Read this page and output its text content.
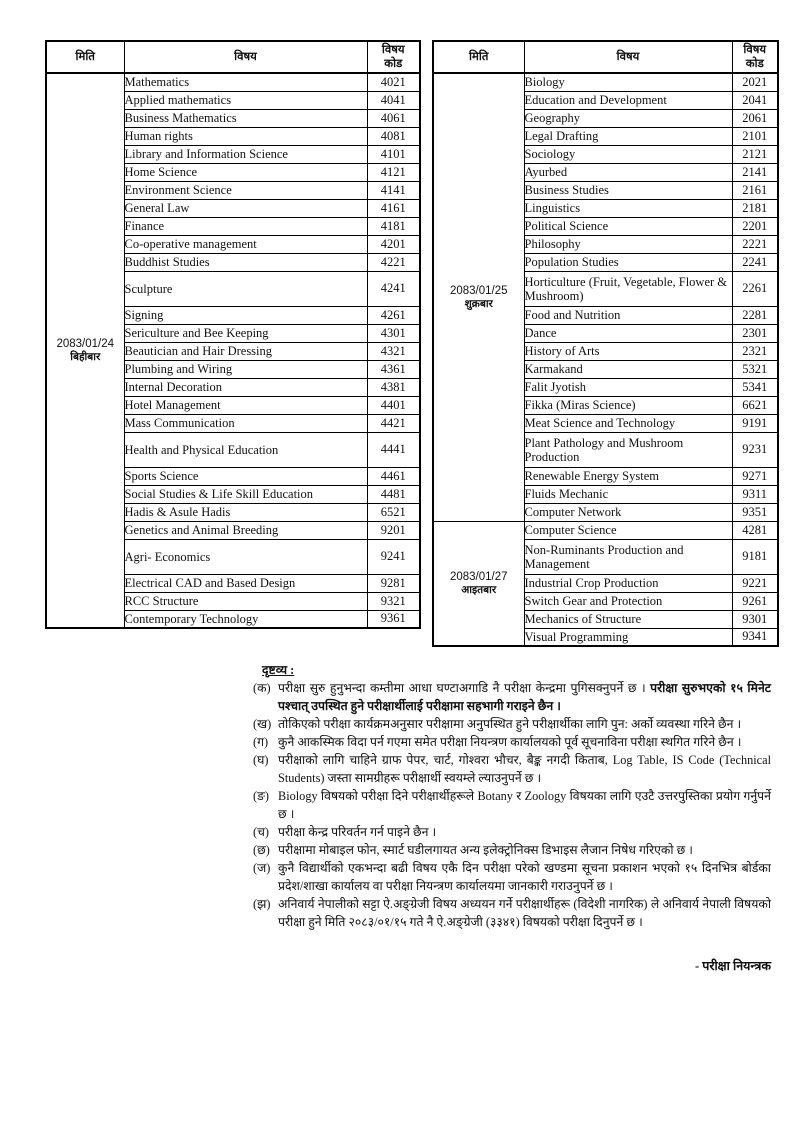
मिति	विषय	विषय कोड

2083/01/24
बिहीबार	Mathematics	4021
	Applied mathematics	4041
	Business Mathematics	4061
	Human rights	4081
	Library and Information Science	4101
	Home Science	4121
	Environment Science	4141
	General Law	4161
	Finance	4181
	Co-operative management	4201
	Buddhist Studies	4221
	Sculpture	4241
	Signing	4261
	Sericulture and Bee Keeping	4301
	Beautician and Hair Dressing	4321
	Plumbing and Wiring	4361
	Internal Decoration	4381
	Hotel Management	4401
	Mass Communication	4421
	Health and Physical Education	4441
	Sports Science	4461
	Social Studies & Life Skill Education	4481
	Hadis & Asule Hadis	6521
	Genetics and Animal Breeding	9201
	Agri- Economics	9241
	Electrical CAD and Based Design	9281
	RCC Structure	9321
	Contemporary Technology	9361
मिति	विषय	विषय कोड

2083/01/25
शुक्रबार	Biology	2021
	Education and Development	2041
	Geography	2061
	Legal Drafting	2101
	Sociology	2121
	Ayurbed	2141
	Business Studies	2161
	Linguistics	2181
	Political Science	2201
	Philosophy	2221
	Population Studies	2241
	Horticulture (Fruit, Vegetable, Flower & Mushroom)	2261
	Food and Nutrition	2281
	Dance	2301
	History of Arts	2321
	Karmakand	5321
	Falit Jyotish	5341
	Fikka (Miras Science)	6621
	Meat Science and Technology	9191
	Plant Pathology and Mushroom Production	9231
	Renewable Energy System	9271
	Fluids Mechanic	9311
	Computer Network	9351

2083/01/27
आइतबार	Computer Science	4281
	Non-Ruminants Production and Management	9181
	Industrial Crop Production	9221
	Switch Gear and Protection	9261
	Mechanics of Structure	9301
	Visual Programming	9341
दृष्टव्य :
(क) परीक्षा सुरु हुनुभन्दा कम्तीमा आधा घण्टाअगाडि नै परीक्षा केन्द्रमा पुगिसक्नुपर्ने छ । परीक्षा सुरुभएको १५ मिनेट पश्चात् उपस्थित हुने परीक्षार्थीलाई परीक्षामा सहभागी गराइने छैन ।
(ख) तोकिएको परीक्षा कार्यक्रमअनुसार परीक्षामा अनुपस्थित हुने परीक्षार्थीका लागि पुन: अर्को व्यवस्था गरिने छैन ।
(ग) कुनै आकस्मिक विदा पर्न गएमा समेत परीक्षा नियन्त्रण कार्यालयको पूर्व सूचनाविना परीक्षा स्थगित गरिने छैन ।
(घ) परीक्षाको लागि चाहिने ग्राफ पेपर, चार्ट, गोश्वरा भौचर, बैङ्क नगदी किताब, Log Table, IS Code (Technical Students) जस्ता सामग्रीहरू परीक्षार्थी स्वयम्ले ल्याउनुपर्ने छ ।
(ङ) Biology विषयको परीक्षा दिने परीक्षार्थीहरूले Botany र Zoology विषयका लागि एउटै उत्तरपुस्तिका प्रयोग गर्नुपर्ने छ ।
(च) परीक्षा केन्द्र परिवर्तन गर्न पाइने छैन ।
(छ) परीक्षामा मोबाइल फोन, स्मार्ट घडीलगायत अन्य इलेक्ट्रोनिक्स डिभाइस लैजान निषेध गरिएको छ ।
(ज) कुनै विद्यार्थीको एकभन्दा बढी विषय एकै दिन परीक्षा परेको खण्डमा सूचना प्रकाशन भएको १५ दिनभित्र बोर्डका प्रदेश/शाखा कार्यालय वा परीक्षा नियन्त्रण कार्यालयमा जानकारी गराउनुपर्ने छ ।
(झ) अनिवार्य नेपालीको सट्टा ऐ.अङ्ग्रेजी विषय अध्ययन गर्ने परीक्षार्थीहरू (विदेशी नागरिक) ले अनिवार्य नेपाली विषयको परीक्षा हुने मिति २०८३/०१/१५ गते नै ऐ.अङ्ग्रेजी (३३४१) विषयको परीक्षा दिनुपर्ने छ ।
- परीक्षा नियन्त्रक
